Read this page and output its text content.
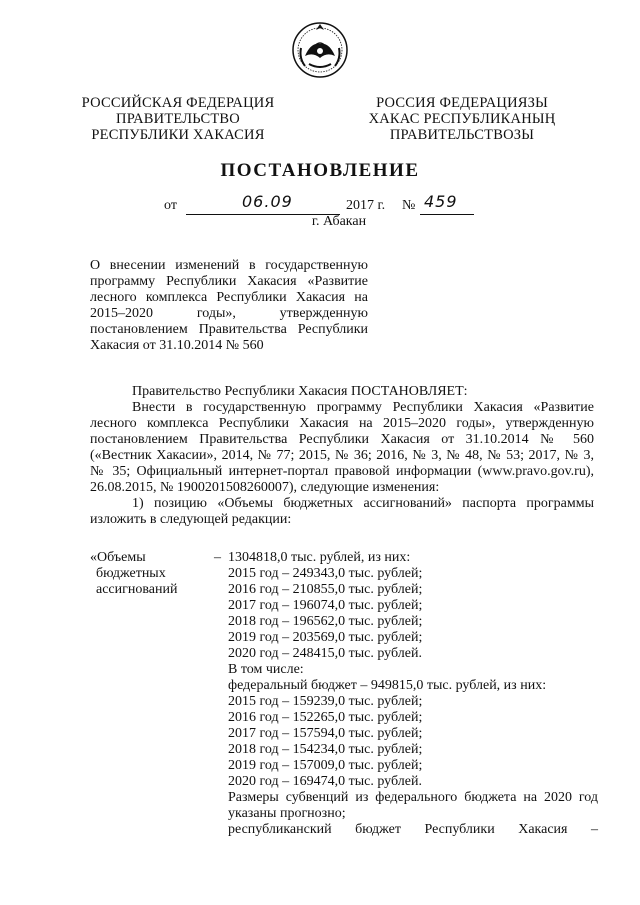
РОССИЙСКАЯ ФЕДЕРАЦИЯ
ПРАВИТЕЛЬСТВО
РЕСПУБЛИКИ ХАКАСИЯ
РОССИЯ ФЕДЕРАЦИЯЗЫ
ХАКАС РЕСПУБЛИКАНЫҢ
ПРАВИТЕЛЬСТВОЗЫ
ПОСТАНОВЛЕНИЕ
от	06.09	2017 г. № 459
г. Абакан
О внесении изменений в государственную
программу Республики Хакасия «Развитие
лесного комплекса Республики Хакасия на
2015–2020 годы», утвержденную
постановлением Правительства Республики
Хакасия от 31.10.2014 № 560
Правительство Республики Хакасия ПОСТАНОВЛЯЕТ:
Внести в государственную программу Республики Хакасия «Развитие
лесного комплекса Республики Хакасия на 2015–2020 годы», утвержденную
постановлением Правительства Республики Хакасия от 31.10.2014 № 560
(«Вестник Хакасии», 2014, № 77; 2015, № 36; 2016, № 3, № 48, № 53; 2017, № 3,
№ 35; Официальный интернет-портал правовой информации (www.pravo.gov.ru),
26.08.2015, № 1900201508260007), следующие изменения:
1) позицию «Объемы бюджетных ассигнований» паспорта программы
изложить в следующей редакции:
«Объемы
бюджетных
ассигнований
– 1304818,0 тыс. рублей, из них:
2015 год – 249343,0 тыс. рублей;
2016 год – 210855,0 тыс. рублей;
2017 год – 196074,0 тыс. рублей;
2018 год – 196562,0 тыс. рублей;
2019 год – 203569,0 тыс. рублей;
2020 год – 248415,0 тыс. рублей.
В том числе:
федеральный бюджет – 949815,0 тыс. рублей, из них:
2015 год – 159239,0 тыс. рублей;
2016 год – 152265,0 тыс. рублей;
2017 год – 157594,0 тыс. рублей;
2018 год – 154234,0 тыс. рублей;
2019 год – 157009,0 тыс. рублей;
2020 год – 169474,0 тыс. рублей.
Размеры субвенций из федерального бюджета на 2020 год
указаны прогнозно;
республиканский бюджет Республики Хакасия –
